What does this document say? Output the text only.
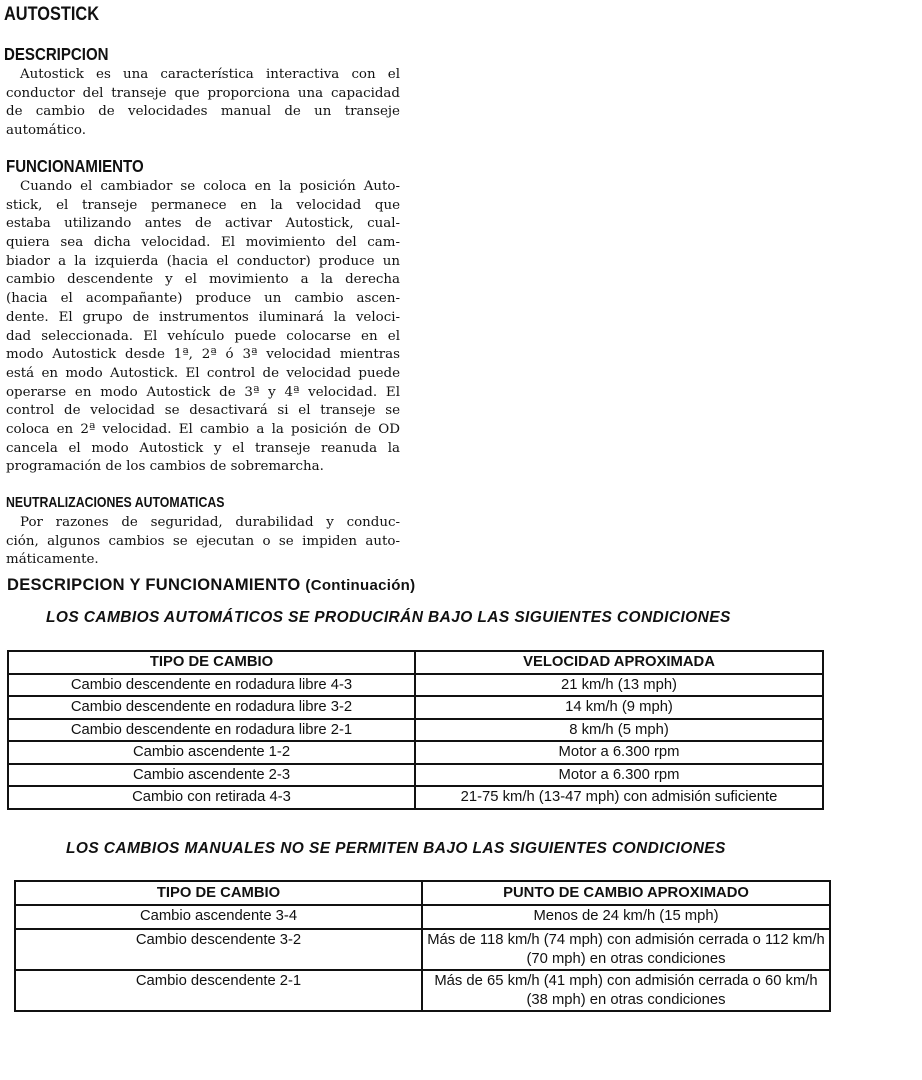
AUTOSTICK
DESCRIPCION
Autostick es una característica interactiva con el
conductor del transeje que proporciona una capacidad
de cambio de velocidades manual de un transeje
automático.
FUNCIONAMIENTO
Cuando el cambiador se coloca en la posición Auto-
stick, el transeje permanece en la velocidad que
estaba utilizando antes de activar Autostick, cual-
quiera sea dicha velocidad. El movimiento del cam-
biador a la izquierda (hacia el conductor) produce un
cambio descendente y el movimiento a la derecha
(hacia el acompañante) produce un cambio ascen-
dente. El grupo de instrumentos iluminará la veloci-
dad seleccionada. El vehículo puede colocarse en el
modo Autostick desde 1ª, 2ª ó 3ª velocidad mientras
está en modo Autostick. El control de velocidad puede
operarse en modo Autostick de 3ª y 4ª velocidad. El
control de velocidad se desactivará si el transeje se
coloca en 2ª velocidad. El cambio a la posición de OD
cancela el modo Autostick y el transeje reanuda la
programación de los cambios de sobremarcha.
NEUTRALIZACIONES AUTOMATICAS
Por razones de seguridad, durabilidad y conduc-
ción, algunos cambios se ejecutan o se impiden auto-
máticamente.
DESCRIPCION Y FUNCIONAMIENTO (Continuación)
LOS CAMBIOS AUTOMÁTICOS SE PRODUCIRÁN BAJO LAS SIGUIENTES CONDICIONES
TIPO DE CAMBIO	VELOCIDAD APROXIMADA
Cambio descendente en rodadura libre 4-3	21 km/h (13 mph)
Cambio descendente en rodadura libre 3-2	14 km/h (9 mph)
Cambio descendente en rodadura libre 2-1	8 km/h (5 mph)
Cambio ascendente 1-2	Motor a 6.300 rpm
Cambio ascendente 2-3	Motor a 6.300 rpm
Cambio con retirada 4-3	21-75 km/h (13-47 mph) con admisión suficiente
LOS CAMBIOS MANUALES NO SE PERMITEN BAJO LAS SIGUIENTES CONDICIONES
TIPO DE CAMBIO	PUNTO DE CAMBIO APROXIMADO
Cambio ascendente 3-4	Menos de 24 km/h (15 mph)
Cambio descendente 3-2	Más de 118 km/h (74 mph) con admisión cerrada o 112 km/h (70 mph) en otras condiciones
Cambio descendente 2-1	Más de 65 km/h (41 mph) con admisión cerrada o 60 km/h (38 mph) en otras condiciones
